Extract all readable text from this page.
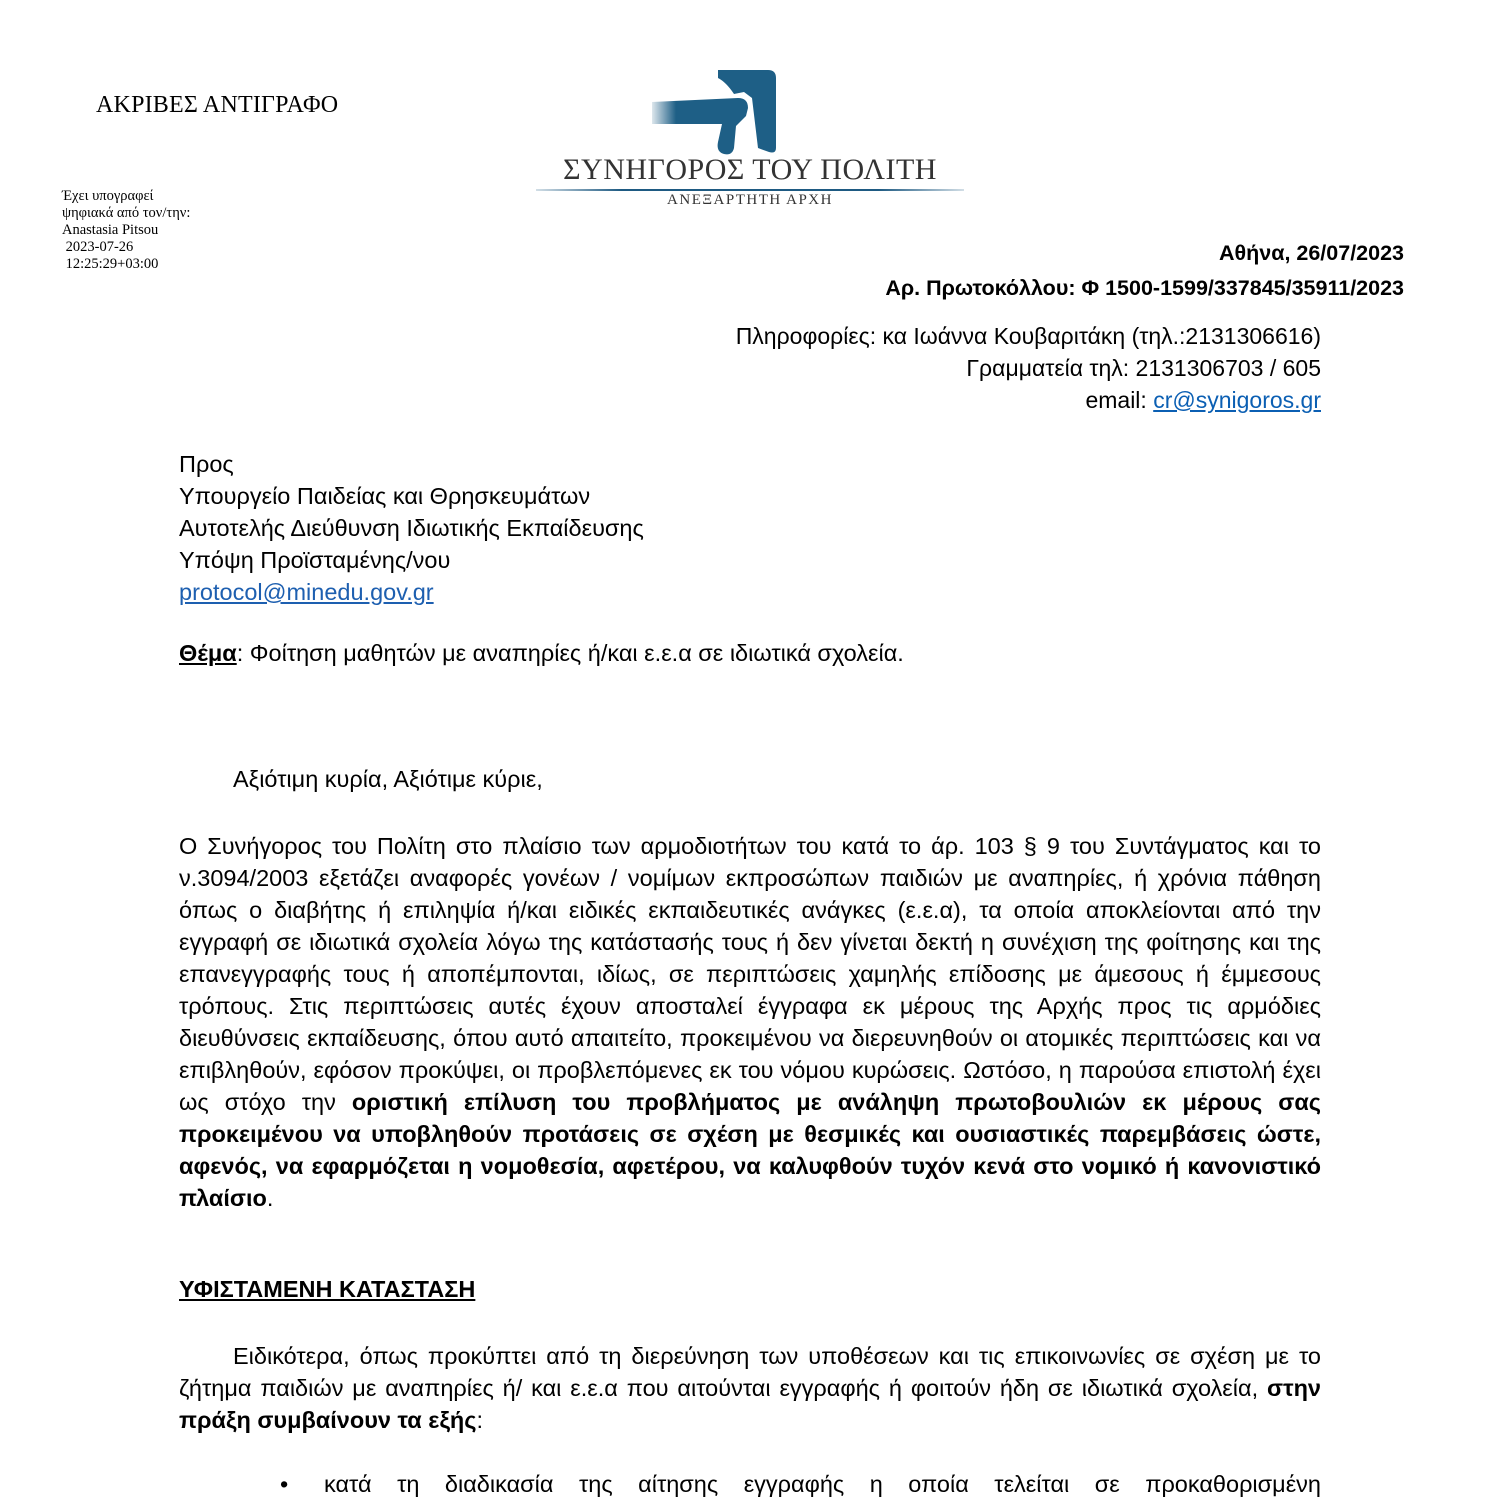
ΑΚΡΙΒΕΣ ΑΝΤΙΓΡΑΦΟ
Έχει υπογραφεί
ψηφιακά από τον/την:
Anastasia Pitsou
2023-07-26
12:25:29+03:00
ΣΥΝΗΓΟΡΟΣ ΤΟΥ ΠΟΛΙΤΗ
ΑΝΕΞΑΡΤΗΤΗ ΑΡΧΗ
Αθήνα, 26/07/2023
Αρ. Πρωτοκόλλου: Φ 1500-1599/337845/35911/2023
Πληροφορίες: κα Ιωάννα Κουβαριτάκη (τηλ.:2131306616)
Γραμματεία τηλ: 2131306703 / 605
email: cr@synigoros.gr
Προς
Υπουργείο Παιδείας και Θρησκευμάτων
Αυτοτελής Διεύθυνση Ιδιωτικής Εκπαίδευσης
Υπόψη Προϊσταμένης/νου
protocol@minedu.gov.gr
Θέμα: Φοίτηση μαθητών με αναπηρίες ή/και ε.ε.α σε ιδιωτικά σχολεία.
Αξιότιμη κυρία, Αξιότιμε κύριε,
Ο Συνήγορος του Πολίτη στο πλαίσιο των αρμοδιοτήτων του κατά το άρ. 103 § 9 του Συντάγματος και το ν.3094/2003 εξετάζει αναφορές γονέων / νομίμων εκπροσώπων παιδιών με αναπηρίες, ή χρόνια πάθηση όπως ο διαβήτης ή επιληψία ή/και ειδικές εκπαιδευτικές ανάγκες (ε.ε.α), τα οποία αποκλείονται από την εγγραφή σε ιδιωτικά σχολεία λόγω της κατάστασής τους ή δεν γίνεται δεκτή η συνέχιση της φοίτησης και της επανεγγραφής τους ή αποπέμπονται, ιδίως, σε περιπτώσεις χαμηλής επίδοσης με άμεσους ή έμμεσους τρόπους. Στις περιπτώσεις αυτές έχουν αποσταλεί έγγραφα εκ μέρους της Αρχής προς τις αρμόδιες διευθύνσεις εκπαίδευσης, όπου αυτό απαιτείτο, προκειμένου να διερευνηθούν οι ατομικές περιπτώσεις και να επιβληθούν, εφόσον προκύψει, οι προβλεπόμενες εκ του νόμου κυρώσεις. Ωστόσο, η παρούσα επιστολή έχει ως στόχο την οριστική επίλυση του προβλήματος με ανάληψη πρωτοβουλιών εκ μέρους σας προκειμένου να υποβληθούν προτάσεις σε σχέση με θεσμικές και ουσιαστικές παρεμβάσεις ώστε, αφενός, να εφαρμόζεται η νομοθεσία, αφετέρου, να καλυφθούν τυχόν κενά στο νομικό ή κανονιστικό πλαίσιο.
ΥΦΙΣΤΑΜΕΝΗ ΚΑΤΑΣΤΑΣΗ
Ειδικότερα, όπως προκύπτει από τη διερεύνηση των υποθέσεων και τις επικοινωνίες σε σχέση με το ζήτημα παιδιών με αναπηρίες ή/ και ε.ε.α που αιτούνται εγγραφής ή φοιτούν ήδη σε ιδιωτικά σχολεία, στην πράξη συμβαίνουν τα εξής:
• κατά τη διαδικασία της αίτησης εγγραφής η οποία τελείται σε προκαθορισμένη
